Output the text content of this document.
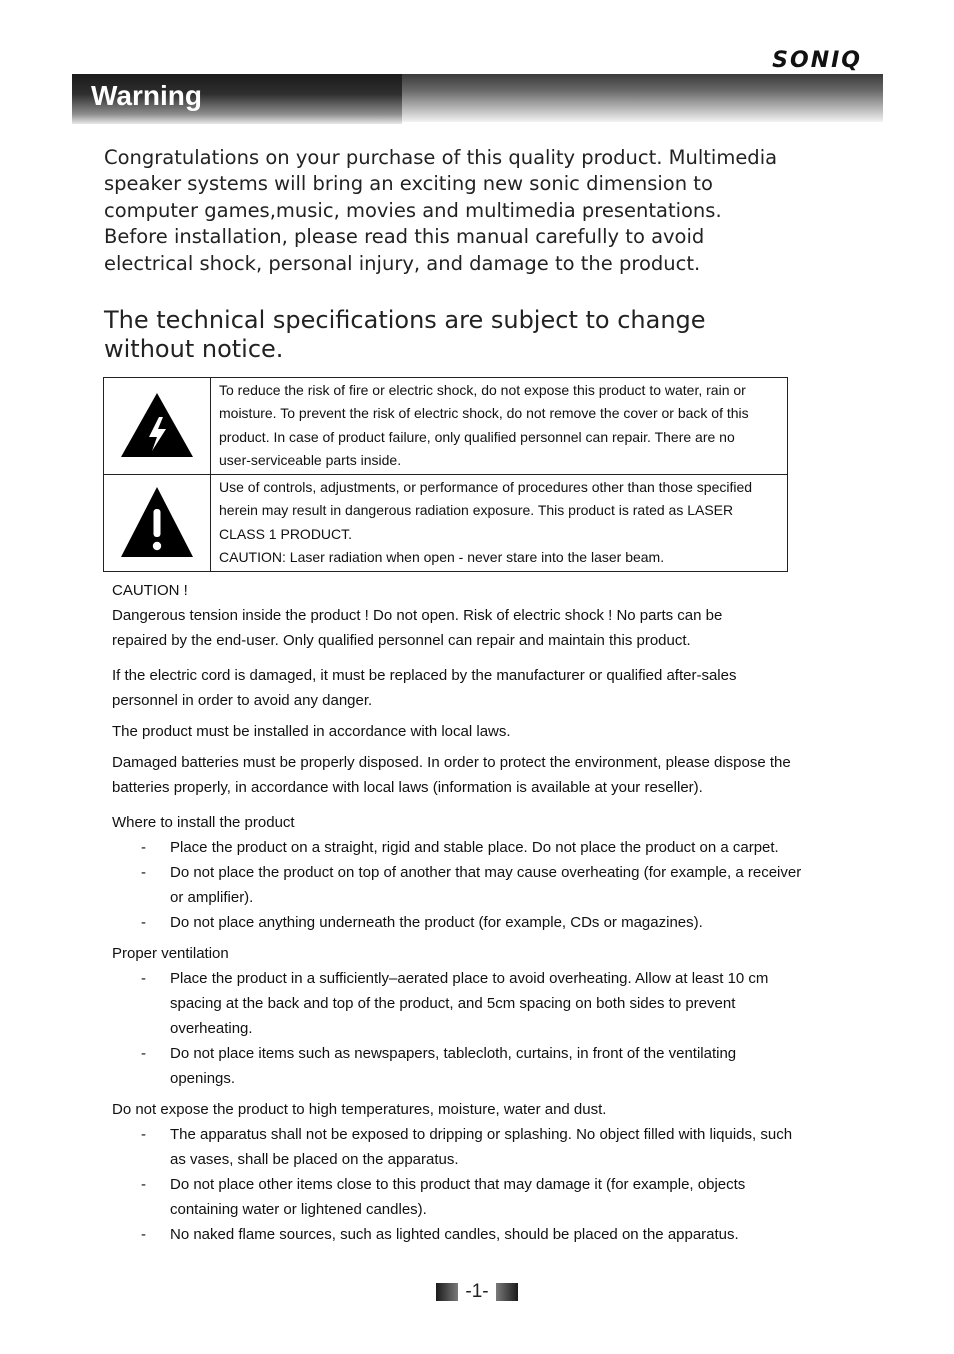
SONIQ
Warning

Congratulations on your purchase of this quality product. Multimedia
speaker systems will bring an exciting new sonic dimension to
computer games,music, movies and multimedia presentations.
Before installation, please read this manual carefully to avoid
electrical shock, personal injury, and damage to the product.

The technical specifications are subject to change
without notice.

	To reduce the risk of fire or electric shock, do not expose this product to water, rain or
moisture. To prevent the risk of electric shock, do not remove the cover or back of this
product. In case of product failure, only qualified personnel can repair. There are no
user-serviceable parts inside.
	Use of controls, adjustments, or performance of procedures other than those specified
herein may result in dangerous radiation exposure. This product is rated as LASER
CLASS 1 PRODUCT.
CAUTION: Laser radiation when open - never stare into the laser beam.

CAUTION !

Dangerous tension inside the product ! Do not open. Risk of electric shock ! No parts can be
repaired by the end-user. Only qualified personnel can repair and maintain this product.

If the electric cord is damaged, it must be replaced by the manufacturer or qualified after-sales
personnel in order to avoid any danger.

The product must be installed in accordance with local laws.

Damaged batteries must be properly disposed. In order to protect the environment, please dispose the
batteries properly, in accordance with local laws (information is available at your reseller).

Where to install the product

- Place the product on a straight, rigid and stable place. Do not place the product on a carpet.
- Do not place the product on top of another that may cause overheating (for example, a receiver
or amplifier).
- Do not place anything underneath the product (for example, CDs or magazines).

Proper ventilation

- Place the product in a sufficiently–aerated place to avoid overheating. Allow at least 10 cm
spacing at the back and top of the product, and 5cm spacing on both sides to prevent
overheating.
- Do not place items such as newspapers, tablecloth, curtains, in front of the ventilating
openings.

Do not expose the product to high temperatures, moisture, water and dust.

- The apparatus shall not be exposed to dripping or splashing. No object filled with liquids, such
as vases, shall be placed on the apparatus.
- Do not place other items close to this product that may damage it (for example, objects
containing water or lightened candles).
- No naked flame sources, such as lighted candles, should be placed on the apparatus.
-1-
